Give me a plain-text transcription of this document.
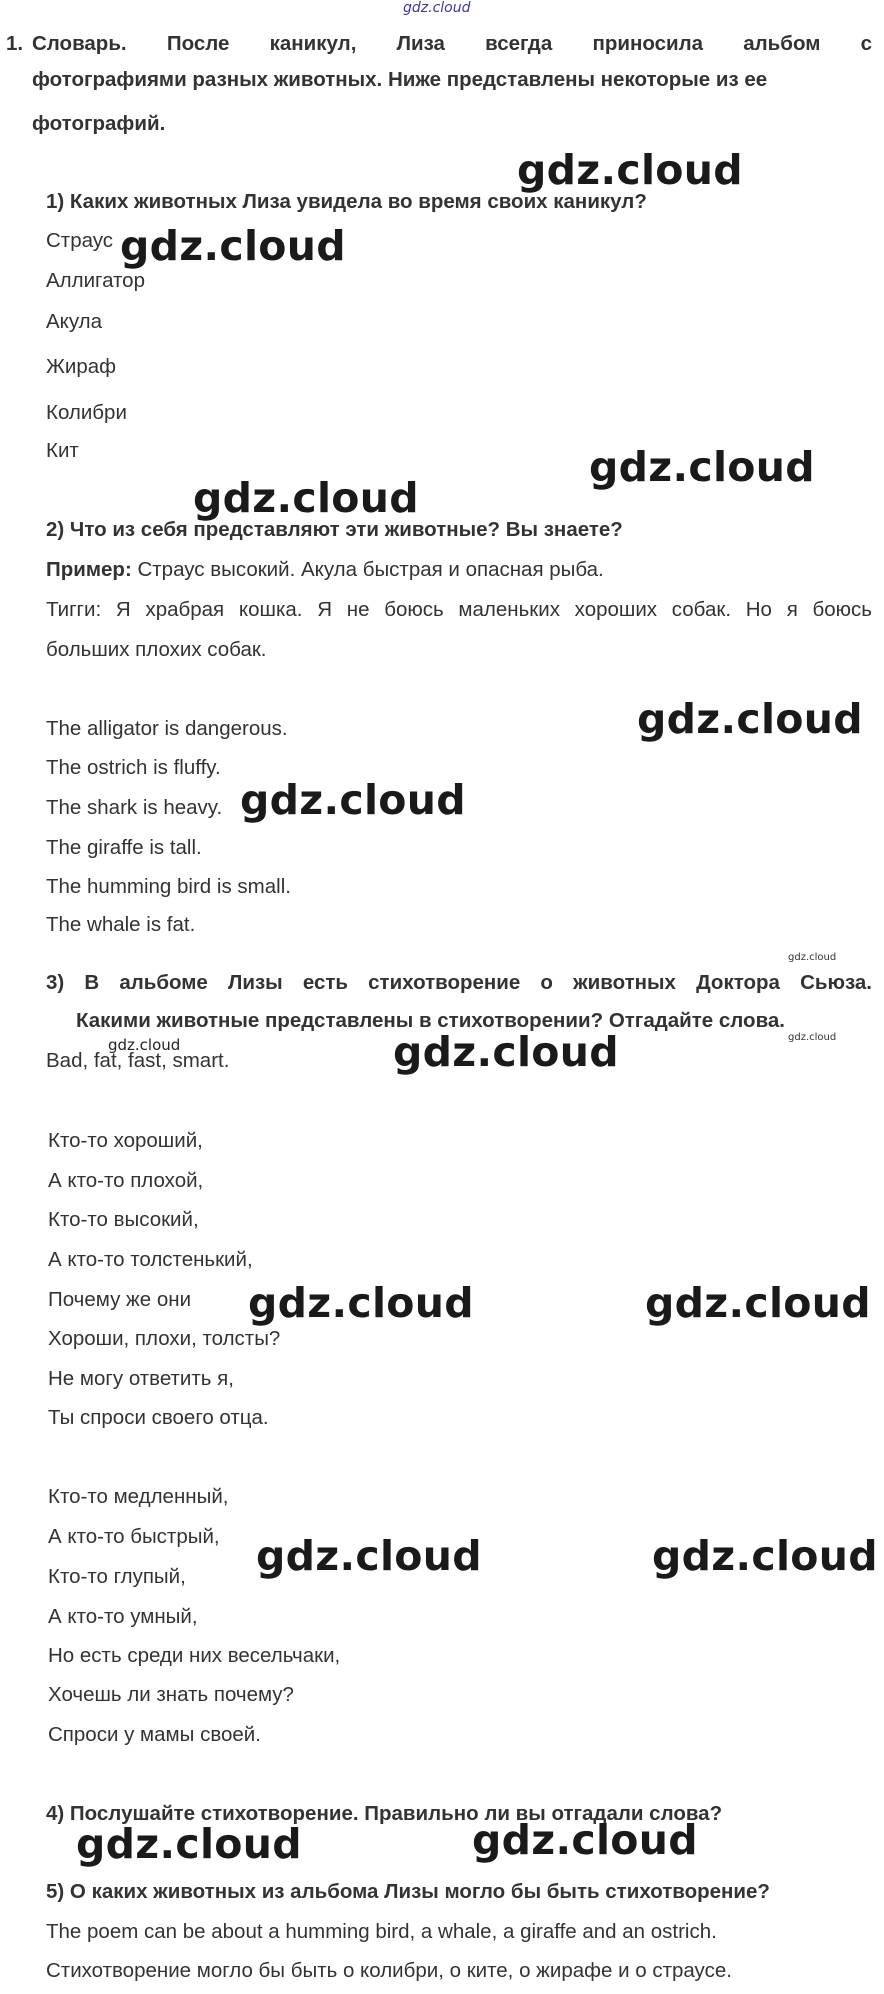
gdz.cloud
1. Словарь. После каникул, Лиза всегда приносила альбом с
фотографиями разных животных. Ниже представлены некоторые из ее
фотографий.
1) Каких животных Лиза увидела во время своих каникул?
Страус
Аллигатор
Акула
Жираф
Колибри
Кит
2) Что из себя представляют эти животные? Вы знаете?
Пример: Страус высокий. Акула быстрая и опасная рыба.
Тигги: Я храбрая кошка. Я не боюсь маленьких хороших собак. Но я боюсь
больших плохих собак.
The alligator is dangerous.
The ostrich is fluffy.
The shark is heavy.
The giraffe is tall.
The humming bird is small.
The whale is fat.
3) В альбоме Лизы есть стихотворение о животных Доктора Сьюза.
Какими животные представлены в стихотворении? Отгадайте слова.
Bad, fat, fast, smart.
Кто-то хороший,
А кто-то плохой,
Кто-то высокий,
А кто-то толстенький,
Почему же они
Хороши, плохи, толсты?
Не могу ответить я,
Ты спроси своего отца.
Кто-то медленный,
А кто-то быстрый,
Кто-то глупый,
А кто-то умный,
Но есть среди них весельчаки,
Хочешь ли знать почему?
Спроси у мамы своей.
4) Послушайте стихотворение. Правильно ли вы отгадали слова?
5) О каких животных из альбома Лизы могло бы быть стихотворение?
The poem can be about a humming bird, a whale, a giraffe and an ostrich.
Стихотворение могло бы быть о колибри, о ките, о жирафе и о страусе.
gdz.cloud
gdz.cloud
gdz.cloud
gdz.cloud
gdz.cloud
gdz.cloud
gdz.cloud
gdz.cloud	gdz.cloud
gdz.cloud
gdz.cloud	gdz.cloud
gdz.cloud	gdz.cloud
gdz.cloud	gdz.cloud
